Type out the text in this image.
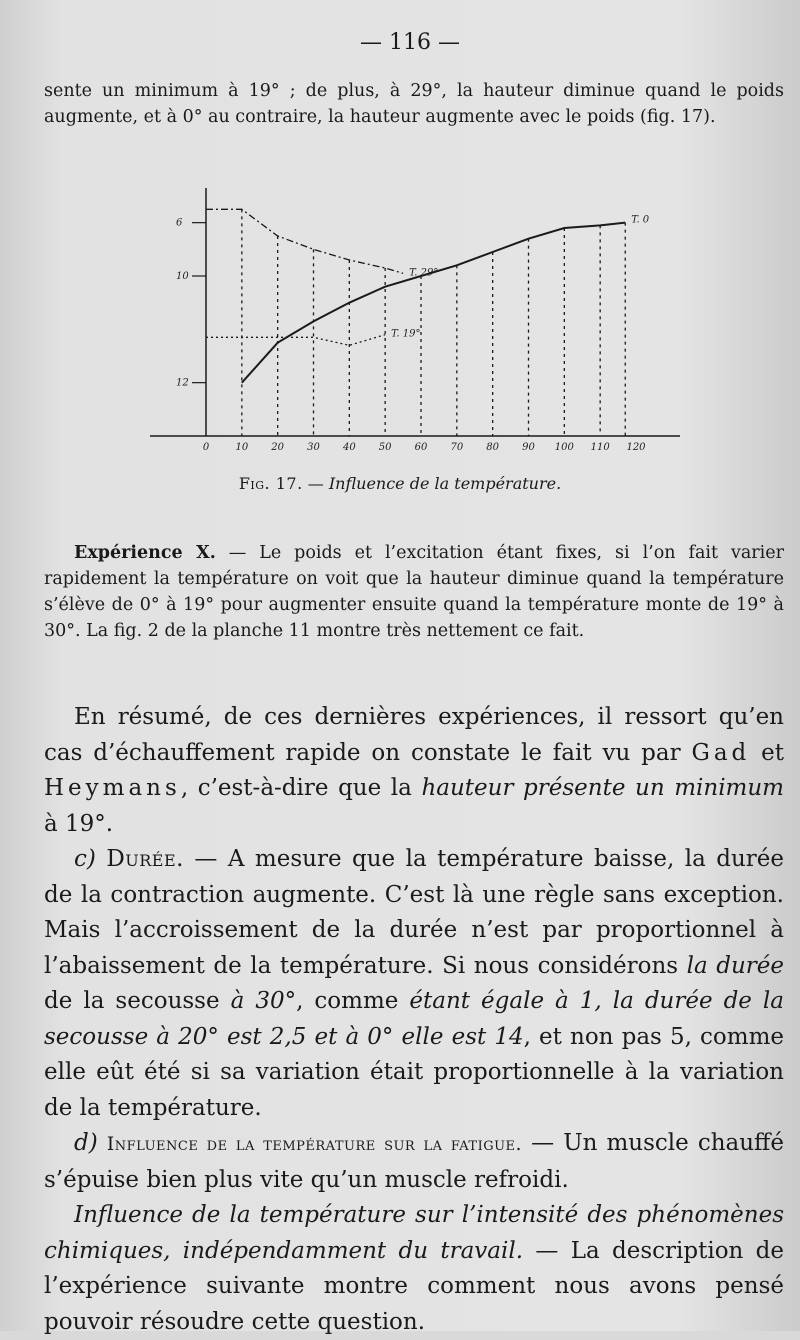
— 116 —

sente un minimum à 19° ; de plus, à 29°, la hauteur diminue quand le poids augmente, et à 0° au contraire, la hauteur augmente avec le poids (fig. 17).

0	10 20 30 40 50 60 70 80 90 100 110 120
12
10
6	T. 0
T. 29°
T. 19°
Fig. 17. — Influence de la température.

Expérience X. — Le poids et l’excitation étant fixes, si l’on fait varier rapidement la température on voit que la hauteur diminue quand la température s’élève de 0° à 19° pour augmenter ensuite quand la température monte de 19° à 30°. La fig. 2 de la planche 11 montre très nettement ce fait.

En résumé, de ces dernières expériences, il ressort qu’en cas d’échauffement rapide on constate le fait vu par Gad et Heymans, c’est-à-dire que la hauteur présente un minimum à 19°.

c) Durée. — A mesure que la température baisse, la durée de la contraction augmente. C’est là une règle sans exception. Mais l’accroissement de la durée n’est par proportionnel à l’abaissement de la température. Si nous considérons la durée de la secousse à 30°, comme étant égale à 1, la durée de la secousse à 20° est 2,5 et à 0° elle est 14, et non pas 5, comme elle eût été si sa variation était proportionnelle à la variation de la température.

d) Influence de la température sur la fatigue. — Un muscle chauffé s’épuise bien plus vite qu’un muscle refroidi.

Influence de la température sur l’intensité des phénomènes chimiques, indépendamment du travail. — La description de l’expérience suivante montre comment nous avons pensé pouvoir résoudre cette question.
